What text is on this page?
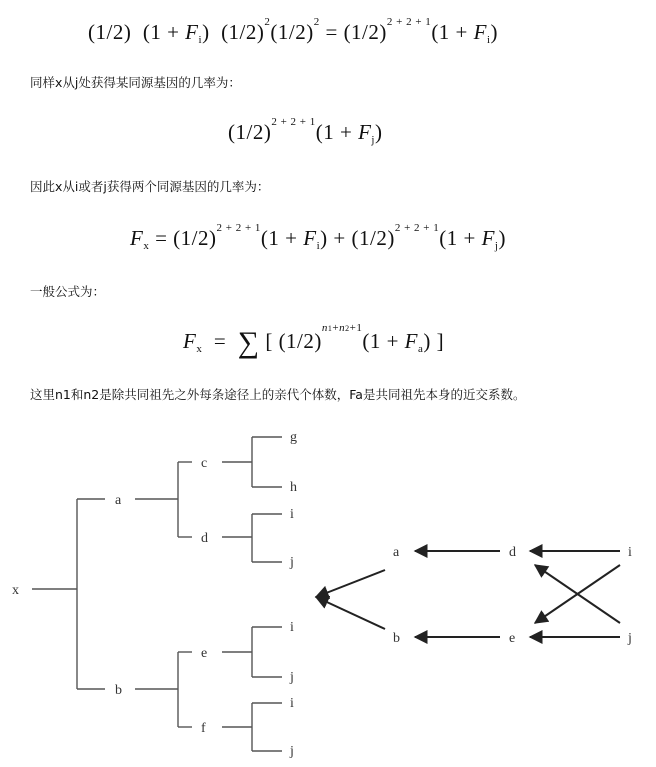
(1/2) $(1 + F_i)$ $(1/2)^2(1/2)^2 = (1/2)^{2 + 2 + 1}(1 + F_i)$
同样x从j处获得某同源基因的几率为：
$(1/2)^{2 + 2 + 1}(1 + F_j)$
因此x从i或者j获得两个同源基因的几率为：
$F_x = (1/2)^{2 + 2 + 1}(1 + F_i) + (1/2)^{2 + 2 + 1}(1 + F_j)$
一般公式为：
$F_x$ = ∑ [ $(1/2)^{n1+n2+1}(1 + F_a)$ ]
这里n1和n2是除共同祖先之外每条途径上的亲代个体数，Fa是共同祖先本身的近交系数。
x
a
b
c
d
e
f
g
h
i
j
i
j
i
j
a
b
d
e
i
j
